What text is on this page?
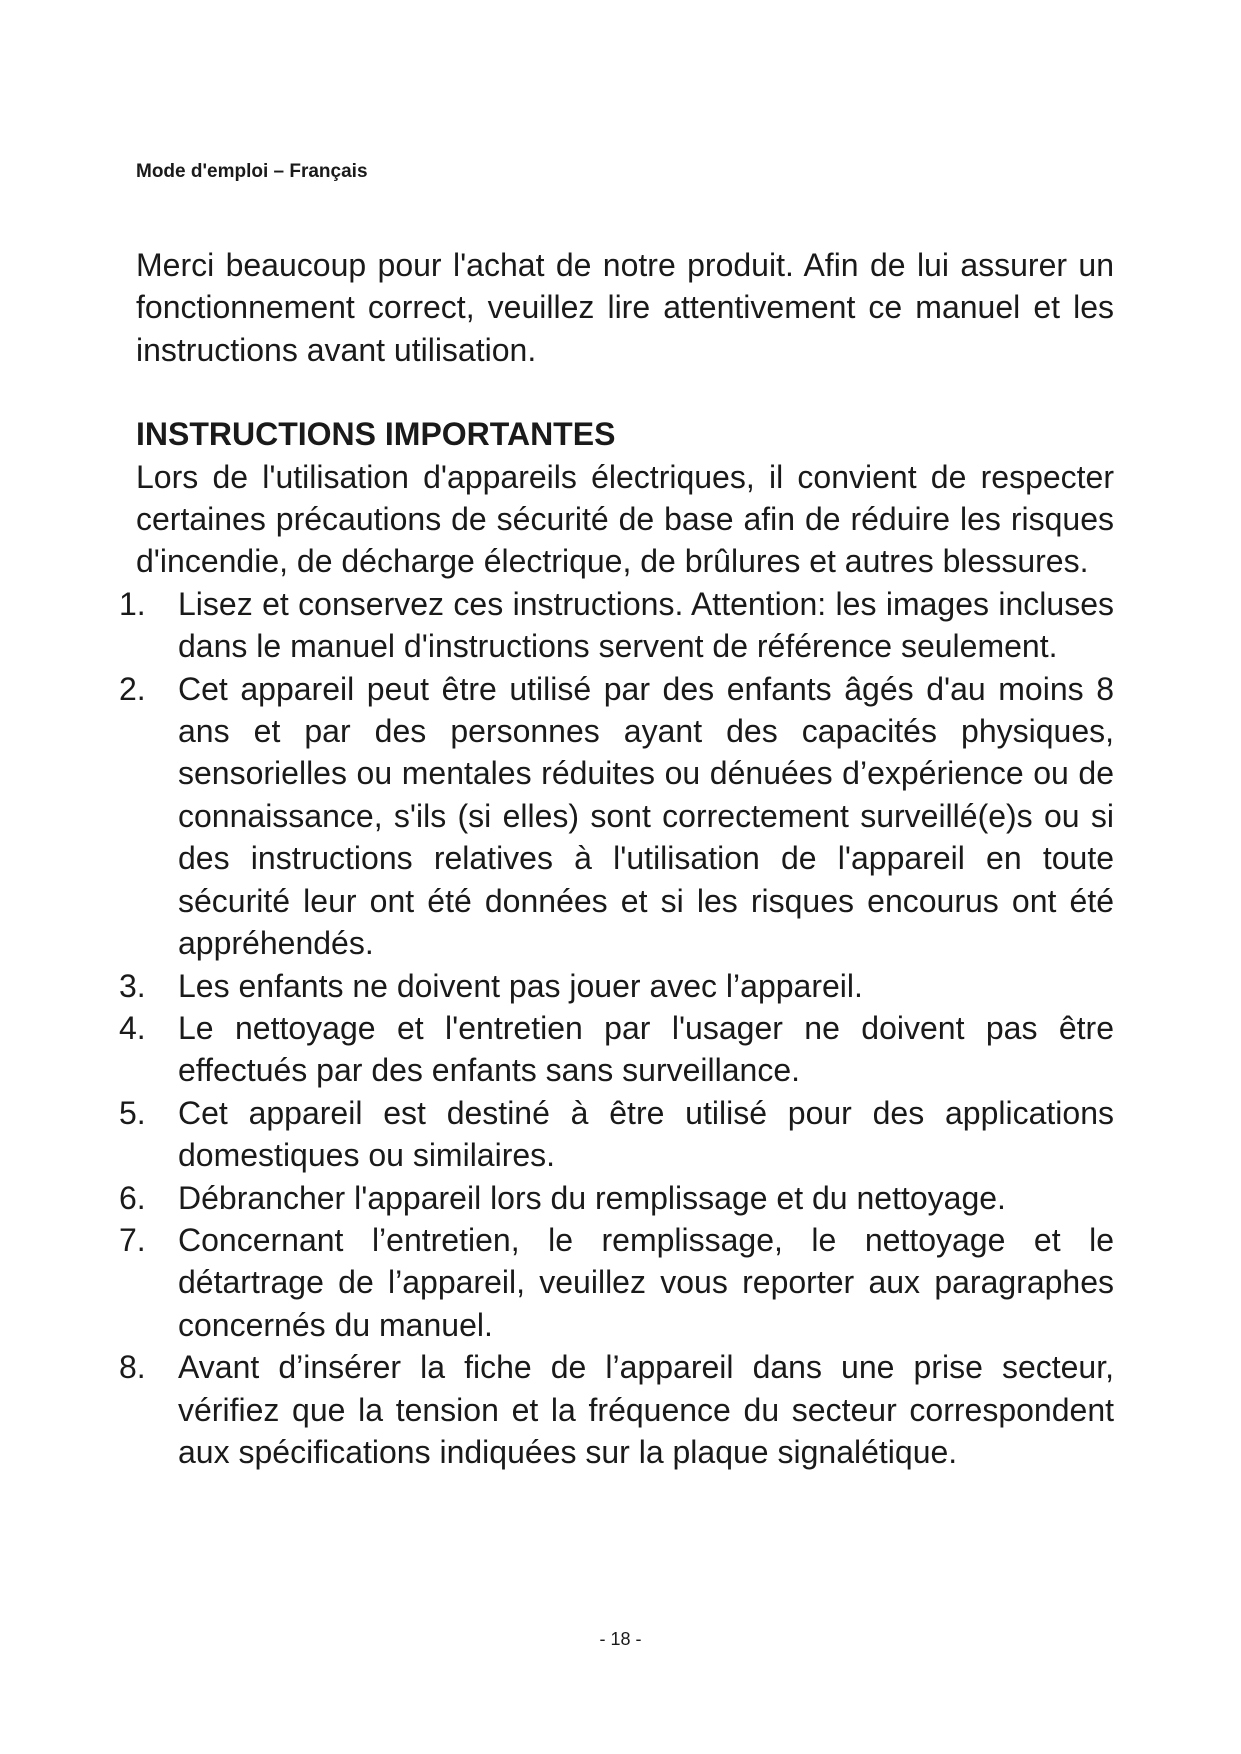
Mode d'emploi – Français

Merci beaucoup pour l'achat de notre produit. Afin de lui assurer un fonctionnement correct, veuillez lire attentivement ce manuel et les instructions avant utilisation.

INSTRUCTIONS IMPORTANTES

Lors de l'utilisation d'appareils électriques, il convient de respecter certaines précautions de sécurité de base afin de réduire les risques d'incendie, de décharge électrique, de brûlures et autres blessures.

1.	Lisez et conservez ces instructions. Attention: les images incluses dans le manuel d'instructions servent de référence seulement.
2.	Cet appareil peut être utilisé par des enfants âgés d'au moins 8 ans et par des personnes ayant des capacités physiques, sensorielles ou mentales réduites ou dénuées d’expérience ou de connaissance, s'ils (si elles) sont correctement surveillé(e)s ou si des instructions relatives à l'utilisation de l'appareil en toute sécurité leur ont été données et si les risques encourus ont été appréhendés.
3.	Les enfants ne doivent pas jouer avec l’appareil.
4.	Le nettoyage et l'entretien par l'usager ne doivent pas être effectués par des enfants sans surveillance.
5.	Cet appareil est destiné à être utilisé pour des applications domestiques ou similaires.
6.	Débrancher l'appareil lors du remplissage et du nettoyage.
7.	Concernant l’entretien, le remplissage, le nettoyage et le détartrage de l’appareil, veuillez vous reporter aux paragraphes concernés du manuel.
8.	Avant d’insérer la fiche de l’appareil dans une prise secteur, vérifiez que la tension et la fréquence du secteur correspondent aux spécifications indiquées sur la plaque signalétique.
- 18 -
